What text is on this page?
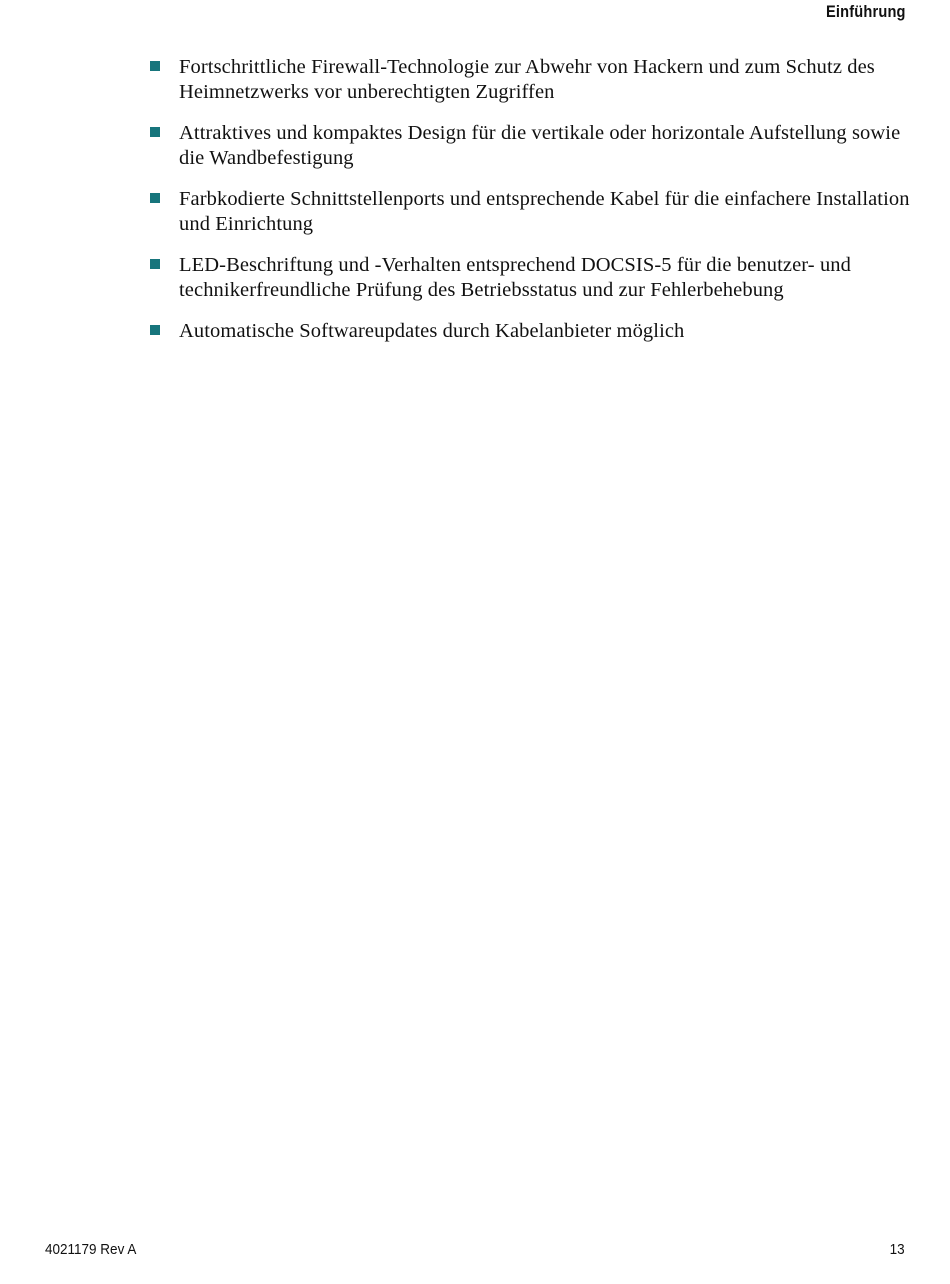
Einführung
Fortschrittliche Firewall-Technologie zur Abwehr von Hackern und zum Schutz des Heimnetzwerks vor unberechtigten Zugriffen
Attraktives und kompaktes Design für die vertikale oder horizontale Aufstellung sowie die Wandbefestigung
Farbkodierte Schnittstellenports und entsprechende Kabel für die einfachere Installation und Einrichtung
LED-Beschriftung und -Verhalten entsprechend DOCSIS-5 für die benutzer- und technikerfreundliche Prüfung des Betriebsstatus und zur Fehlerbehebung
Automatische Softwareupdates durch Kabelanbieter möglich
4021179 Rev A	13
